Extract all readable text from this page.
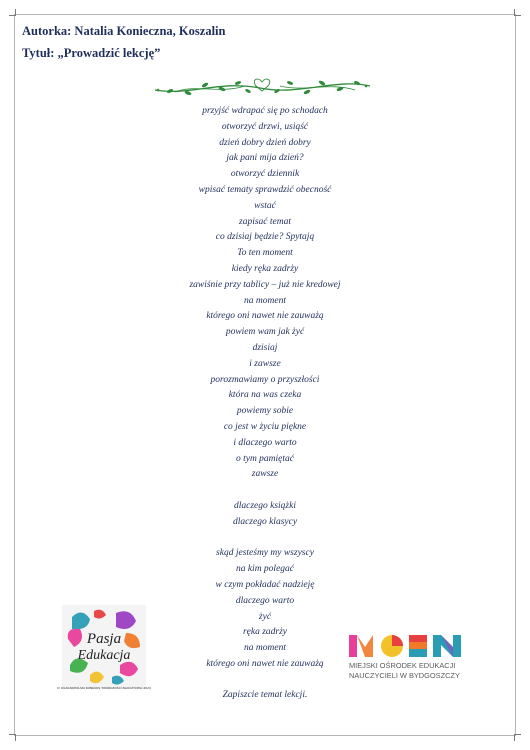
Autorka: Natalia Konieczna, Koszalin
Tytuł: „Prowadzić lekcję”
przyjść wdrapać się po schodach
otworzyć drzwi, usiąść
dzień dobry dzień dobry
jak pani mija dzień?
otworzyć dziennik
wpisać tematy sprawdzić obecność
wstać
zapisać temat
co dzisiaj będzie? Spytają
To ten moment
kiedy ręka zadrży
zawiśnie przy tablicy – już nie kredowej
na moment
którego oni nawet nie zauważą
powiem wam jak żyć
dzisiaj
i zawsze
porozmawiamy o przyszłości
która na was czeka
powiemy sobie
co jest w życiu piękne
i dlaczego warto
o tym pamiętać
zawsze
dlaczego książki
dlaczego klasycy
skąd jesteśmy my wszyscy
na kim polegać
w czym pokładać nadzieję
dlaczego warto
żyć
ręka zadrży
na moment
którego oni nawet nie zauważą
Zapiszcie temat lekcji.
Pasja
Edukacja
IV OGÓLNOPOLSKI KONKURS TWÓRCZOŚCI NAUCZYCIELI 2020
MIEJSKI OŚRODEK EDUKACJI
NAUCZYCIELI W BYDGOSZCZY
